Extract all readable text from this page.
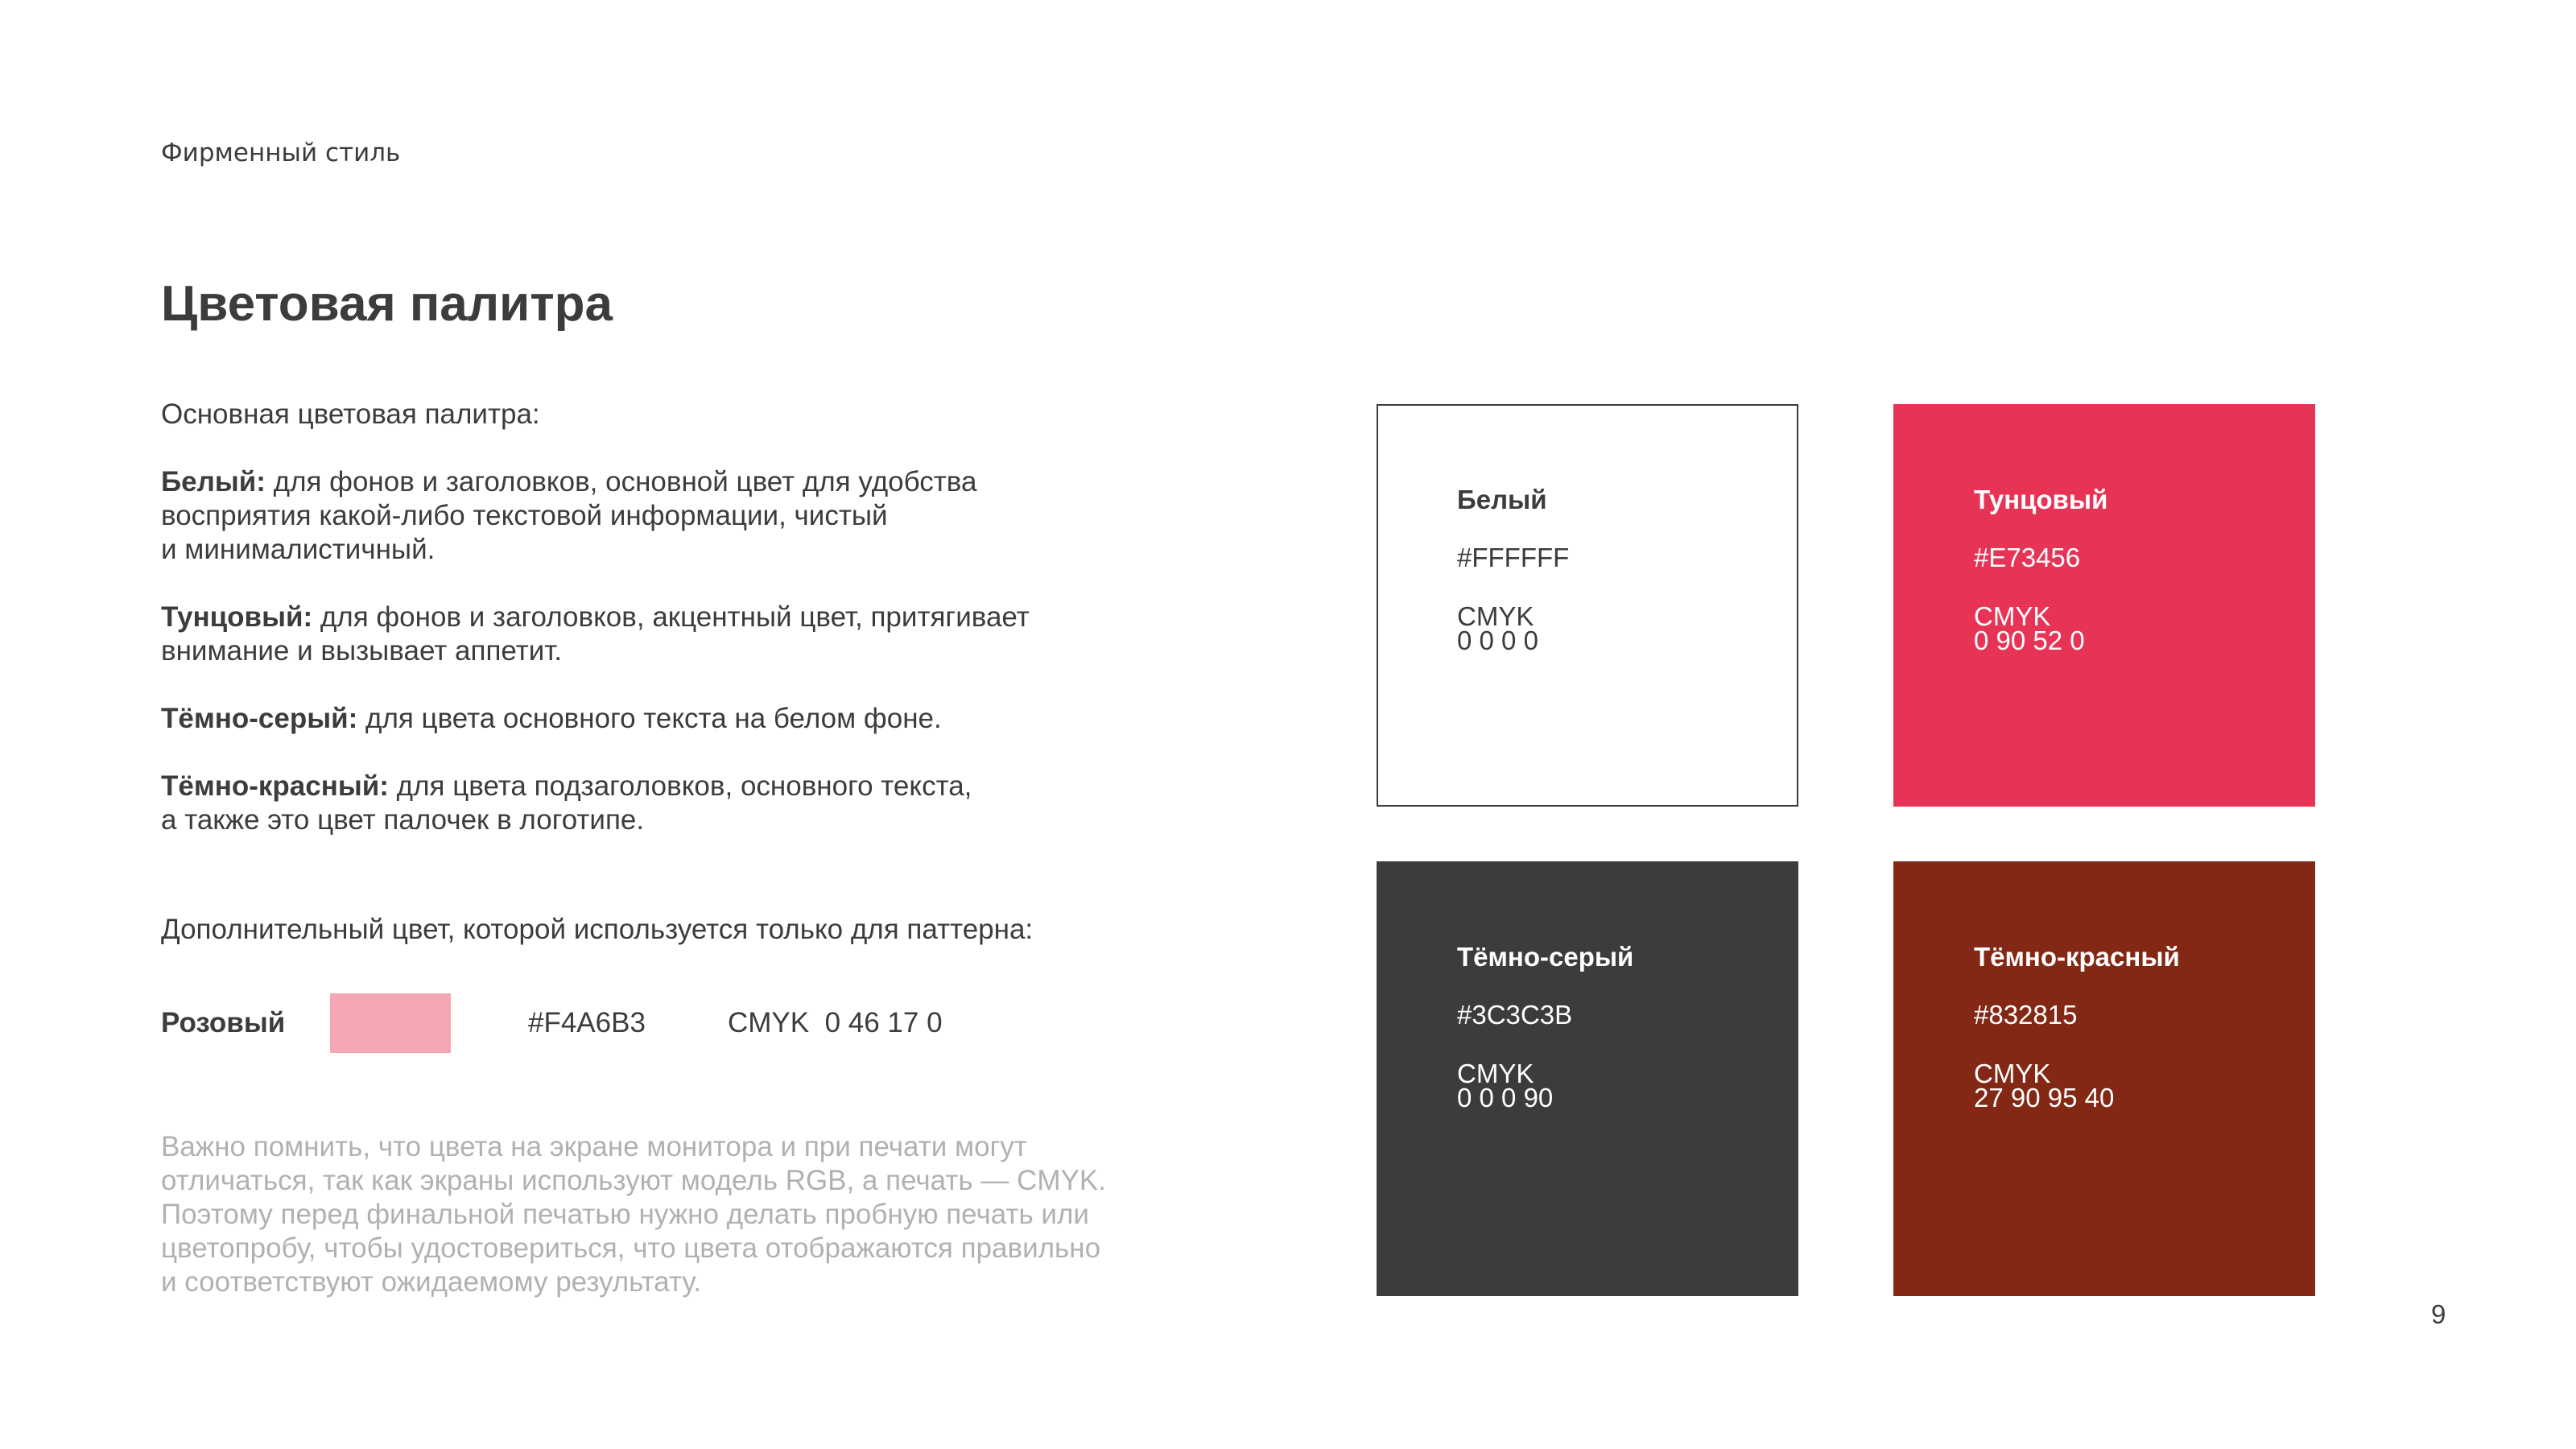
Фирменный стиль
Цветовая палитра
Основная цветовая палитра:
Белый: для фонов и заголовков, основной цвет для удобства
восприятия какой-либо текстовой информации, чистый
и минималистичный.
Тунцовый: для фонов и заголовков, акцентный цвет, притягивает
внимание и вызывает аппетит.
Тёмно-серый: для цвета основного текста на белом фоне.
Тёмно-красный: для цвета подзаголовков, основного текста,
а также это цвет палочек в логотипе.
Дополнительный цвет, которой используется только для паттерна:
Розовый	#F4A6B3	CMYK  0 46 17 0
Важно помнить, что цвета на экране монитора и при печати могут
отличаться, так как экраны используют модель RGB, а печать — CMYK.
Поэтому перед финальной печатью нужно делать пробную печать или
цветопробу, чтобы удостовериться, что цвета отображаются правильно
и соответствуют ожидаемому результату.
Белый
#FFFFFF
CMYK
0 0 0 0
Тунцовый
#E73456
CMYK
0 90 52 0
Тёмно-серый
#3C3C3B
CMYK
0 0 0 90
Тёмно-красный
#832815
CMYK
27 90 95 40
9
